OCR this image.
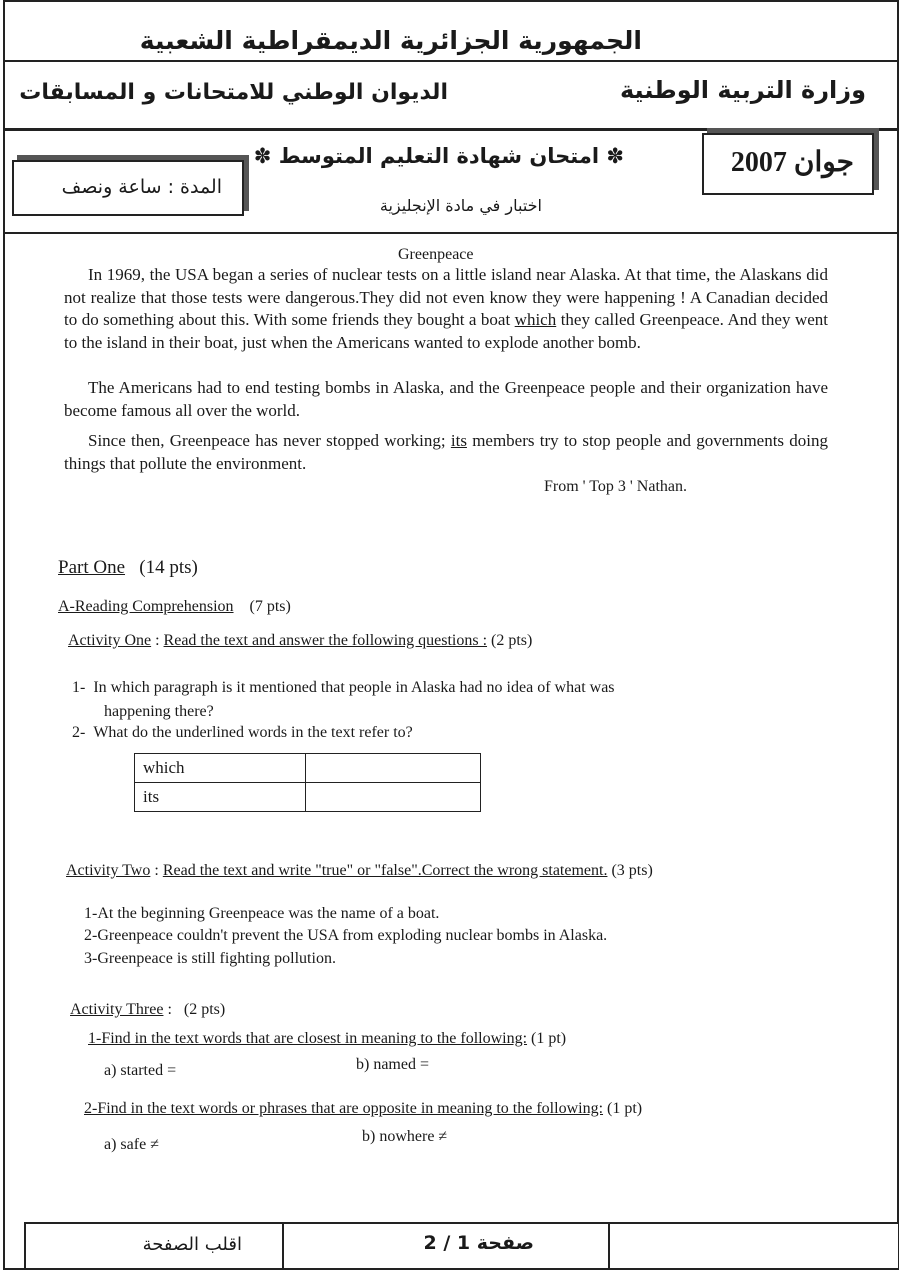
الجمهورية الجزائرية الديمقراطية الشعبية
وزارة التربية الوطنية
الديوان الوطني للامتحانات و المسابقات
✽ امتحان شهادة التعليم المتوسط ✽
اختبار في مادة الإنجليزية
جوان 2007
المدة : ساعة ونصف
Greenpeace
In 1969, the USA began a series of nuclear tests on a little island near Alaska. At that time, the Alaskans did not realize that those tests were dangerous.They did not even know they were happening ! A Canadian decided to do something about this. With some friends they bought a boat which they called Greenpeace. And they went to the island in their boat, just when the Americans wanted to explode another bomb.
The Americans had to end testing bombs in Alaska, and the Greenpeace people and their organization have become famous all over the world.
Since then, Greenpeace has never stopped working; its members try to stop people and governments doing things that pollute the environment.
From ' Top 3 ' Nathan.
Part One (14 pts)
A-Reading Comprehension (7 pts)
Activity One : Read the text and answer the following questions : (2 pts)
1- In which paragraph is it mentioned that people in Alaska had no idea of what was
happening there?
2- What do the underlined words in the text refer to?
which	
its	
Activity Two : Read the text and write "true" or "false".Correct the wrong statement. (3 pts)
1-At the beginning Greenpeace was the name of a boat.
2-Greenpeace couldn't prevent the USA from exploding nuclear bombs in Alaska.
3-Greenpeace is still fighting pollution.
Activity Three :   (2 pts)
1-Find in the text words that are closest in meaning to the following: (1 pt)
a) started =	b) named =
2-Find in the text words or phrases that are opposite in meaning to the following: (1 pt)
a) safe ≠	b) nowhere ≠
اقلب الصفحة	صفحة 1 / 2
